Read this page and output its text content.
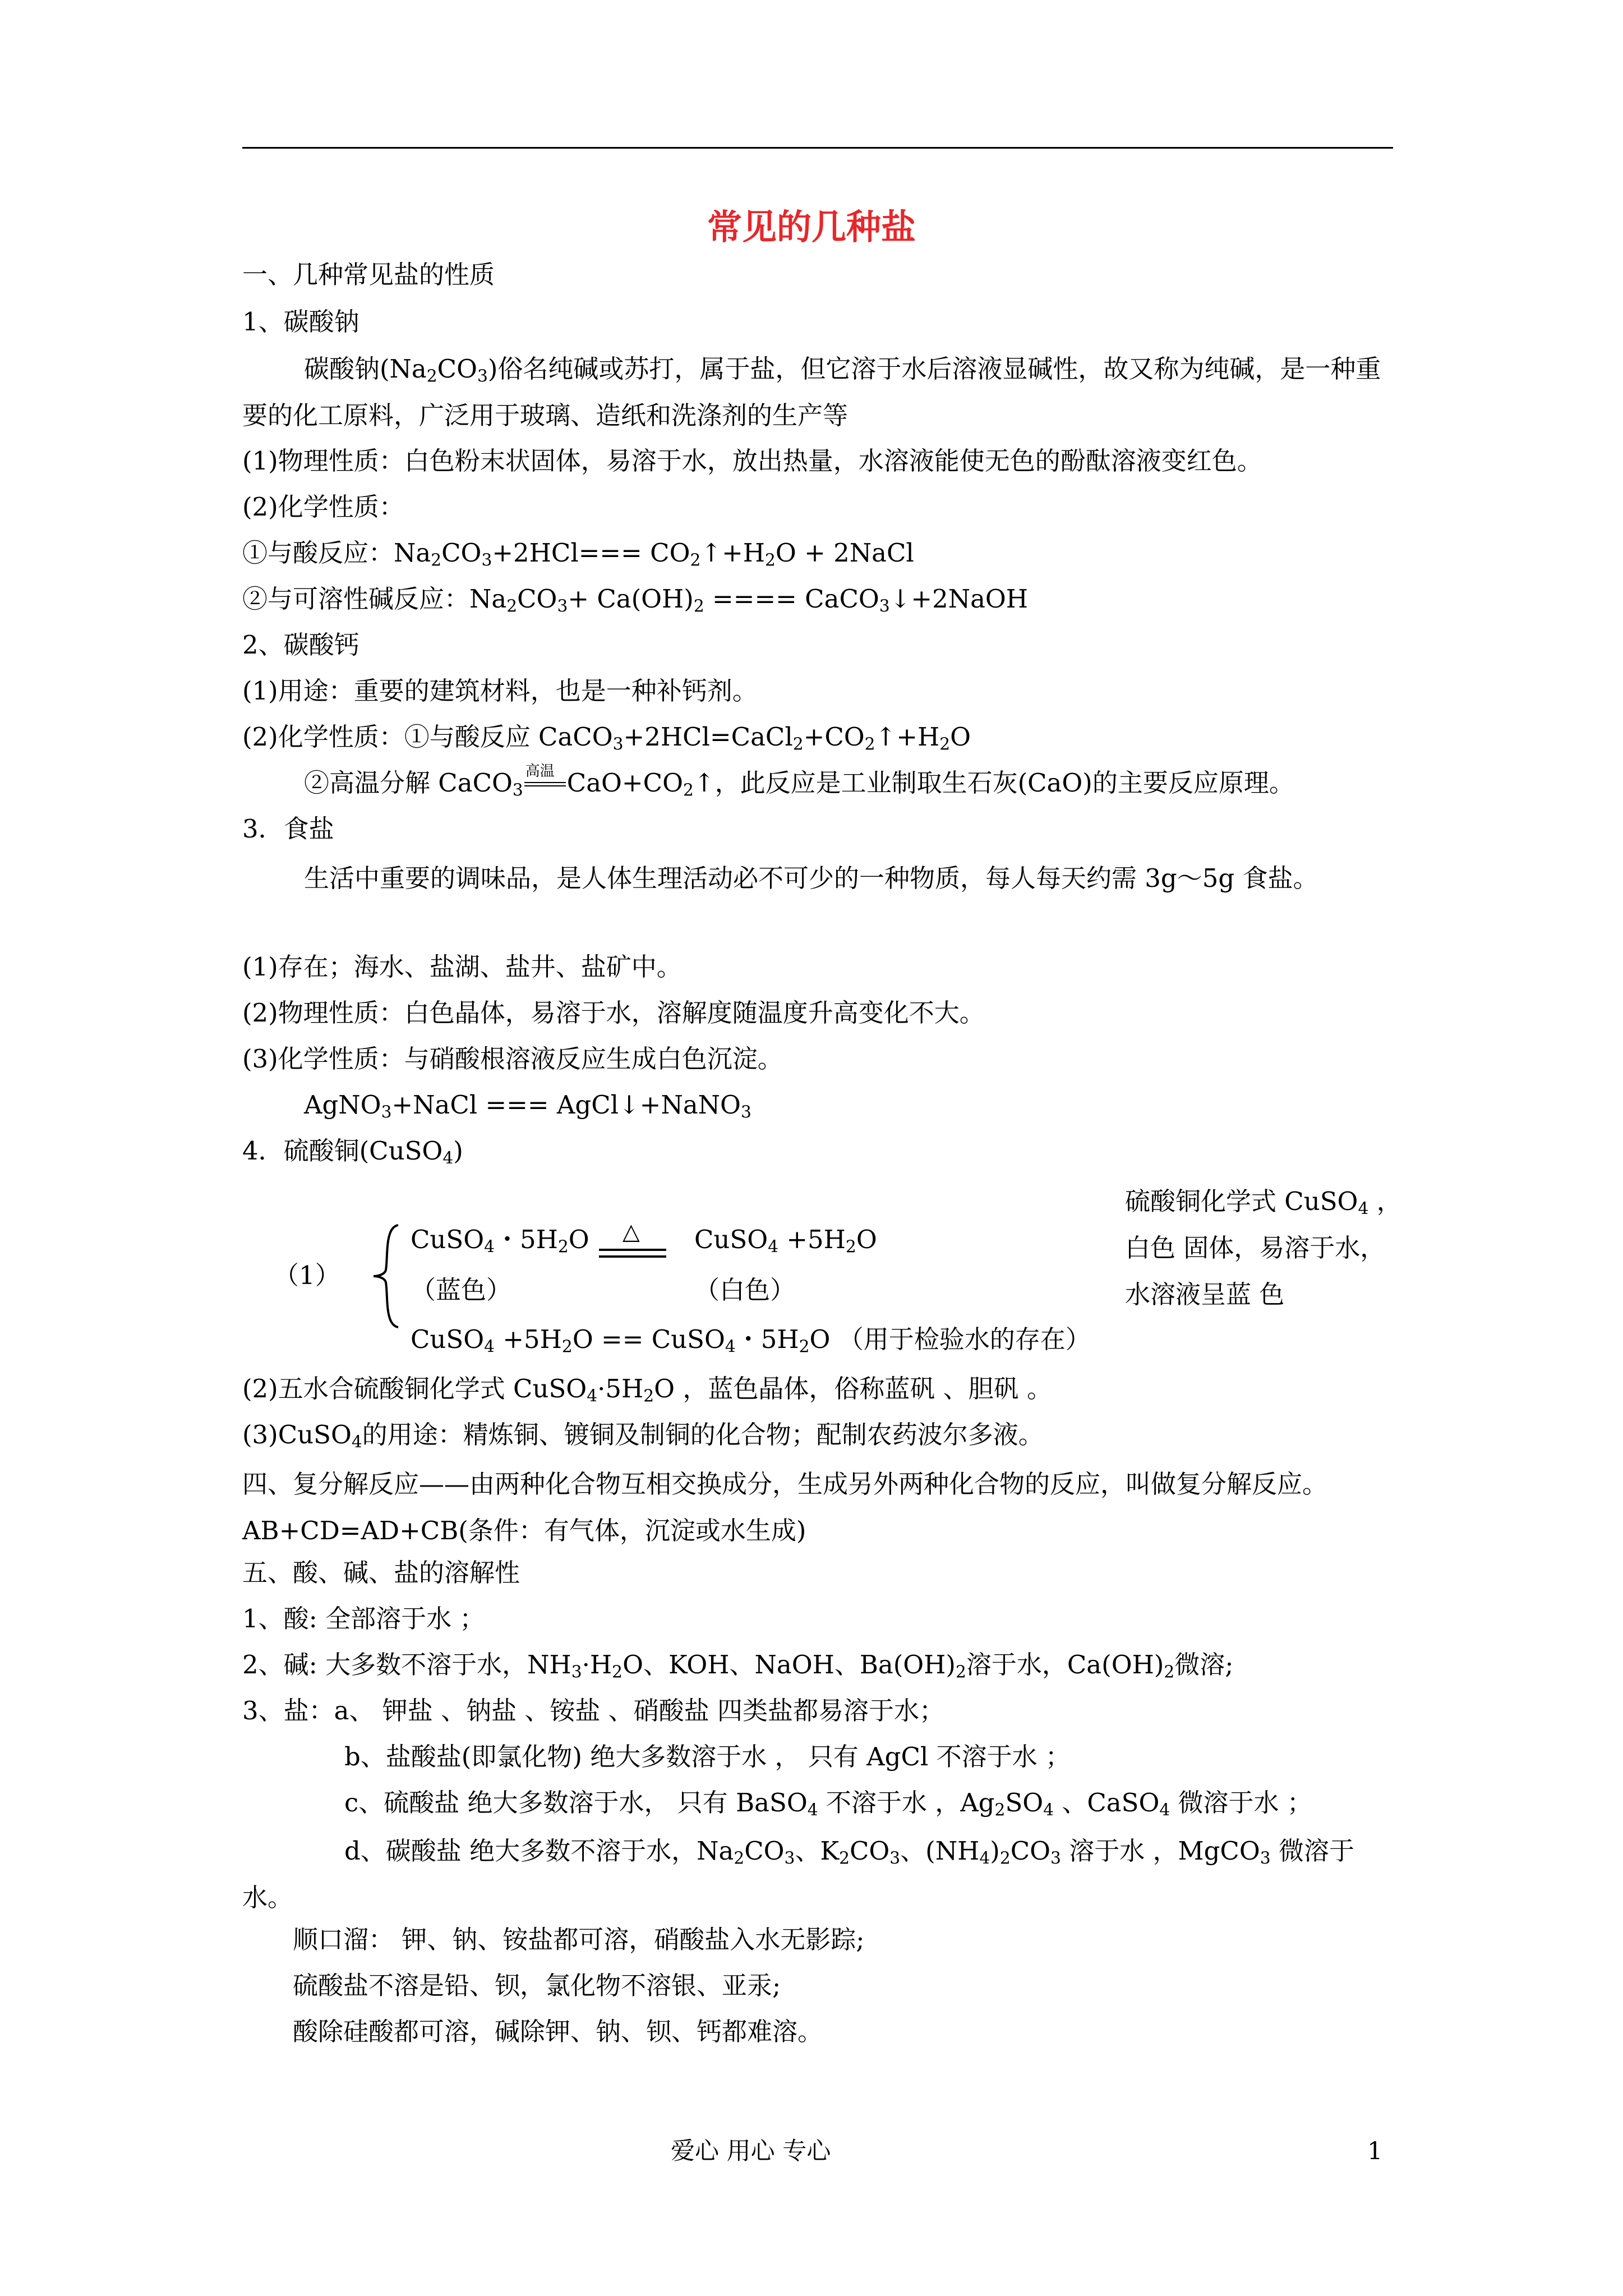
常见的几种盐
一、几种常见盐的性质
1、碳酸钠
碳酸钠$(Na_2CO_3)$俗名纯碱或苏打，属于盐，但它溶于水后溶液显碱性，故又称为纯碱，是一种重要的化工原料，广泛用于玻璃、造纸和洗涤剂的生产等
(1)物理性质：白色粉末状固体，易溶于水，放出热量，水溶液能使无色的酚酞溶液变红色。
(2)化学性质：
①与酸反应：$Na_2CO_3+2HCl===$ $CO_2↑+H_2O$ + 2NaCl
②与可溶性碱反应：$Na_2CO_3+ Ca(OH)_2$ ==== CaCO$_3$↓+2NaOH
2、碳酸钙
(1)用途：重要的建筑材料，也是一种补钙剂。
(2)化学性质：①与酸反应 $CaCO_3+2HCl=CaCl_2+CO_2↑+H_2O$
②高温分解 CaCO$_3$
高温 $CaO+CO_2↑$，此反应是工业制取生石灰(CaO)的主要反应原理。
3．食盐
生活中重要的调味品，是人体生理活动必不可少的一种物质，每人每天约需 3g～5g 食盐。
(1)存在；海水、盐湖、盐井、盐矿中。
(2)物理性质：白色晶体，易溶于水，溶解度随温度升高变化不大。
(3)化学性质：与硝酸根溶液反应生成白色沉淀。
AgNO$_3$+NaCl === AgCl↓+NaNO$_3$
4．硫酸铜(CuSO$_4$)
（1）
CuSO$_4$・$5H_2O$ △ CuSO$_4$ $+5H_2O$
（蓝色）	（白色）
CuSO$_4$ $+5H_2O$ == CuSO$_4$・$5H_2O$ （用于检验水的存在）
硫酸铜化学式 CuSO$_4$ ，白色 固体，易溶于水，水溶液呈蓝 色
(2)五水合硫酸铜化学式 $CuSO_4\cdot 5H_2O$ ，蓝色晶体，俗称蓝矾 、胆矾 。
(3)CuSO$_4$的用途：精炼铜、镀铜及制铜的化合物；配制农药波尔多液。
四、复分解反应——由两种化合物互相交换成分，生成另外两种化合物的反应，叫做复分解反应。AB+CD=AD+CB(条件：有气体，沉淀或水生成)
五、酸、碱、盐的溶解性
1、酸: 全部溶于水 ；
2、碱: 大多数不溶于水，$NH_3\cdot H_2O$、KOH、NaOH、$Ba(OH)_2$溶于水，$Ca(OH)_2$微溶;
3、盐：a、 钾盐 、钠盐 、铵盐 、硝酸盐 四类盐都易溶于水；
b、盐酸盐(即氯化物) 绝大多数溶于水 ， 只有 AgCl 不溶于水 ；
c、硫酸盐 绝大多数溶于水， 只有 BaSO$_4$ 不溶于水 ，$Ag_2SO_4$ 、CaSO$_4$ 微溶于水 ；
d、碳酸盐 绝大多数不溶于水，$Na_2CO_3$、$K_2CO_3$、$(NH_4)_2CO_3$ 溶于水 ，MgCO$_3$ 微溶于水。
顺口溜： 钾、钠、铵盐都可溶，硝酸盐入水无影踪;
硫酸盐不溶是铅、钡，氯化物不溶银、亚汞;
酸除硅酸都可溶，碱除钾、钠、钡、钙都难溶。
爱心 用心 专心	1
